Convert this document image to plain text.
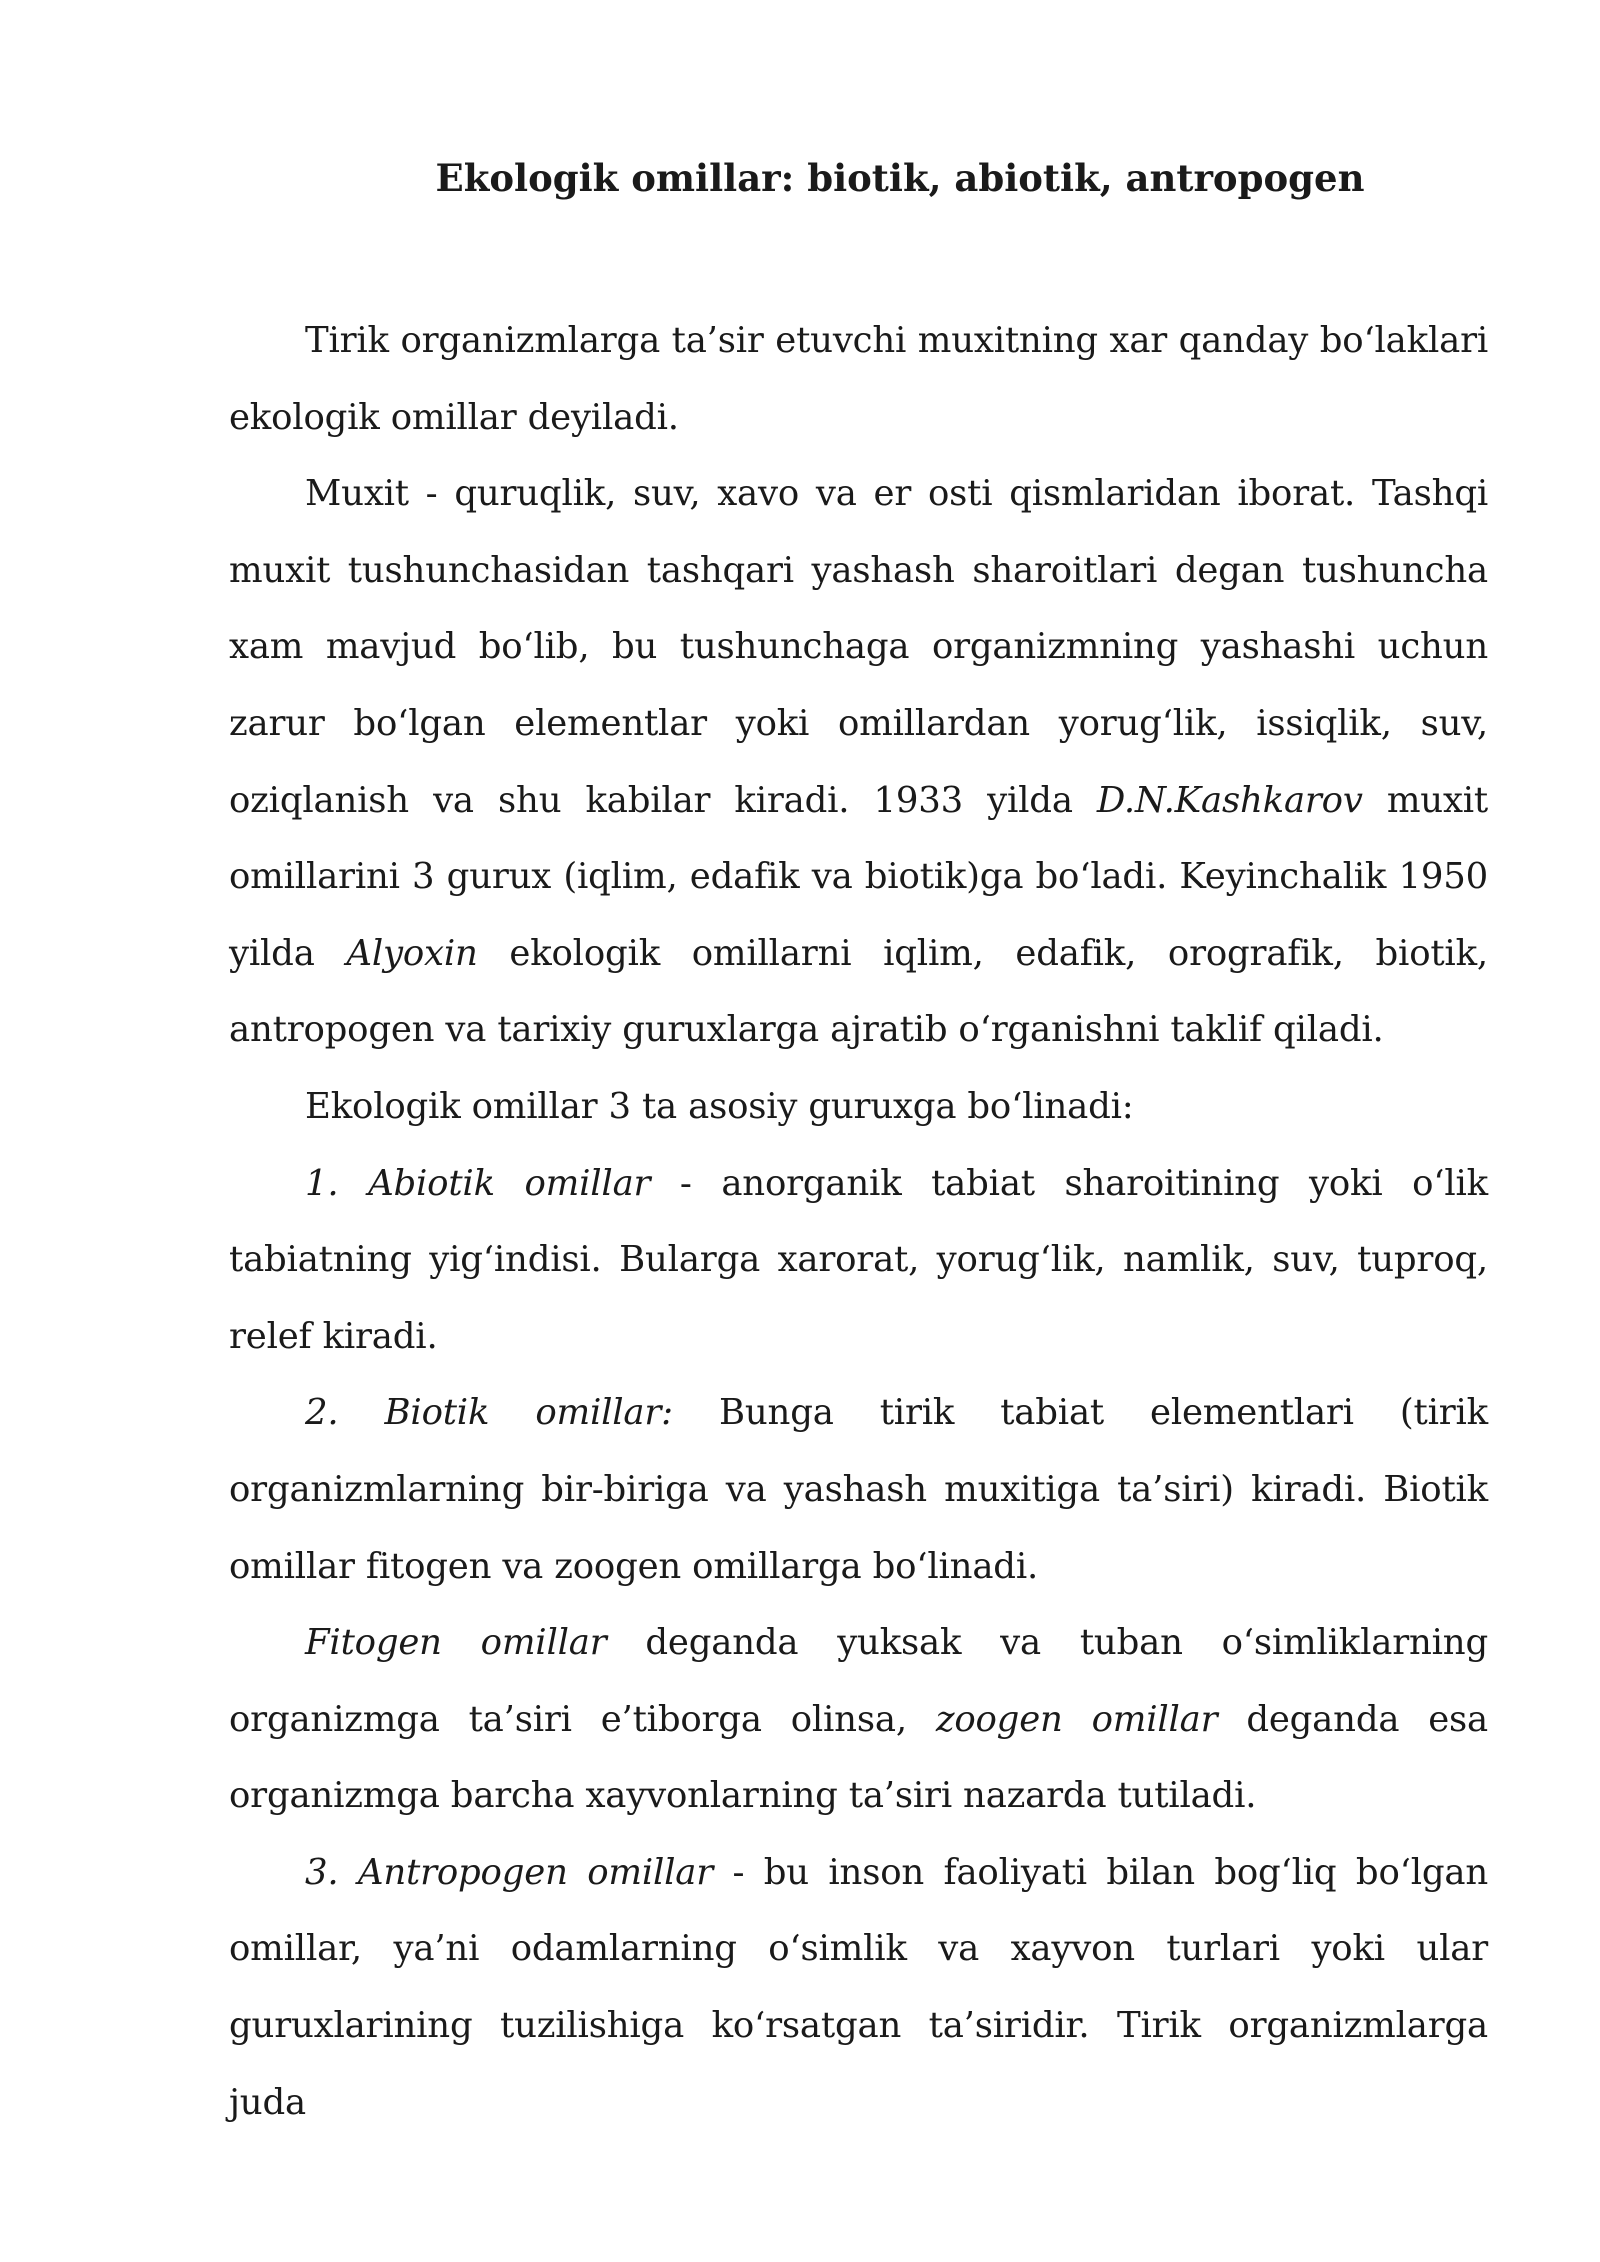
Ekologik omillar: biotik, abiotik, antropogen

Tirik organizmlarga ta’sir etuvchi muxitning xar qanday bo‘laklari ekologik omillar deyiladi.

Muxit - quruqlik, suv, xavo va er osti qismlaridan iborat. Tashqi muxit tushunchasidan tashqari yashash sharoitlari degan tushuncha xam mavjud bo‘lib, bu tushunchaga organizmning yashashi uchun zarur bo‘lgan elementlar yoki omillardan yorug‘lik, issiqlik, suv, oziqlanish va shu kabilar kiradi. 1933 yilda D.N.Kashkarov muxit omillarini 3 gurux (iqlim, edafik va biotik)ga bo‘ladi. Keyinchalik 1950 yilda Alyoxin ekologik omillarni iqlim, edafik, orografik, biotik, antropogen va tarixiy guruxlarga ajratib o‘rganishni taklif qiladi.

Ekologik omillar 3 ta asosiy guruxga bo‘linadi:

1. Abiotik omillar - anorganik tabiat sharoitining yoki o‘lik tabiatning yig‘indisi. Bularga xarorat, yorug‘lik, namlik, suv, tuproq, relef kiradi.

2. Biotik omillar: Bunga tirik tabiat elementlari (tirik organizmlarning bir-biriga va yashash muxitiga ta’siri) kiradi. Biotik omillar fitogen va zoogen omillarga bo‘linadi.

Fitogen omillar deganda yuksak va tuban o‘simliklarning organizmga ta’siri e’tiborga olinsa, zoogen omillar deganda esa organizmga barcha xayvonlarning ta’siri nazarda tutiladi.

3. Antropogen omillar - bu inson faoliyati bilan bog‘liq bo‘lgan omillar, ya’ni odamlarning o‘simlik va xayvon turlari yoki ular guruxlarining tuzilishiga ko‘rsatgan ta’siridir. Tirik organizmlarga juda
